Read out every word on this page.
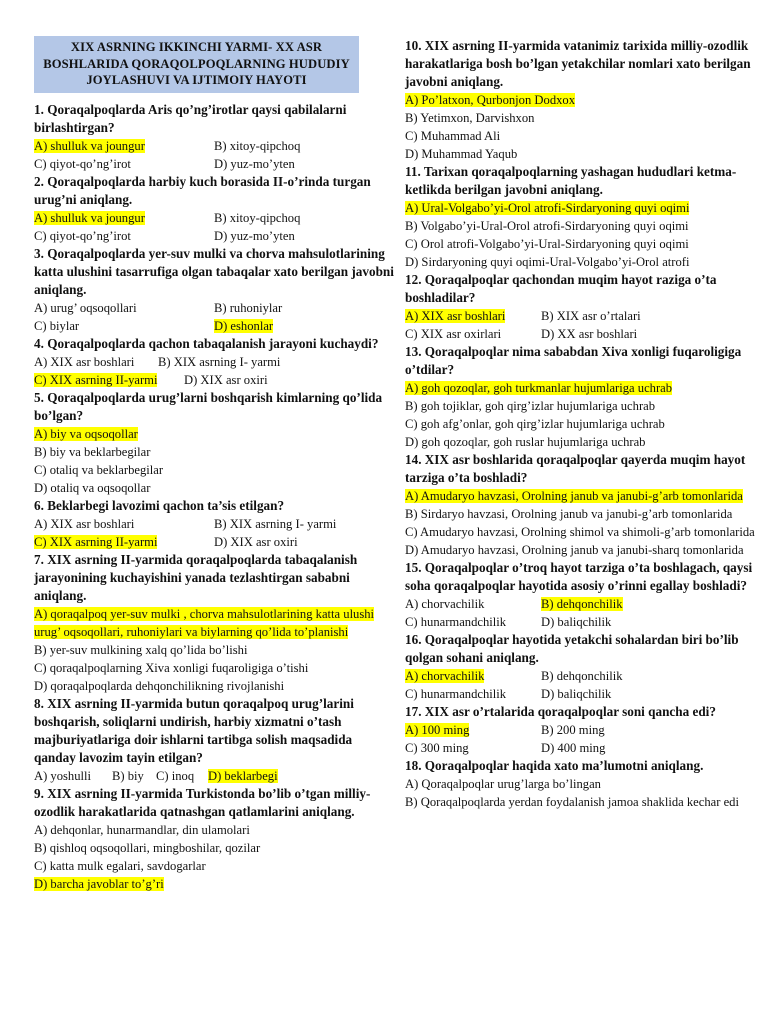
XIX ASRNING IKKINCHI YARMI- XX ASR BOSHLARIDA QORAQOLPOQLARNING HUDUDIY JOYLASHUVI VA IJTIMOIY HAYOTI
1. Qoraqalpoqlarda Aris qo’ng’irotlar qaysi qabilalarni birlashtirgan?
A) shulluk va joungur	B) xitoy-qipchoq
C) qiyot-qo’ng’irot	D) yuz-mo’yten
2. Qoraqalpoqlarda harbiy kuch borasida II-o’rinda turgan urug’ni aniqlang.
A) shulluk va joungur	B) xitoy-qipchoq
C) qiyot-qo’ng’irot	D) yuz-mo’yten
3. Qoraqalpoqlarda yer-suv mulki va chorva mahsulotlarining katta ulushini tasarrufiga olgan tabaqalar xato berilgan javobni aniqlang.
A) urug’ oqsoqollari	B) ruhoniylar
C) biylar	D) eshonlar
4. Qoraqalpoqlarda qachon tabaqalanish jarayoni kuchaydi?
A) XIX asr boshlari	B) XIX asrning I- yarmi
C) XIX asrning II-yarmi	D) XIX asr oxiri
5. Qoraqalpoqlarda urug’larni boshqarish kimlarning qo’lida bo’lgan?
A) biy va oqsoqollar
B) biy va beklarbegilar
C) otaliq va beklarbegilar
D) otaliq va oqsoqollar
6. Beklarbegi lavozimi qachon ta’sis etilgan?
A) XIX asr boshlari	B) XIX asrning I- yarmi
C) XIX asrning II-yarmi	D) XIX asr oxiri
7. XIX asrning II-yarmida qoraqalpoqlarda tabaqalanish jarayonining kuchayishini yanada tezlashtirgan sababni aniqlang.
A) qoraqalpoq yer-suv mulki , chorva mahsulotlarining katta ulushi urug’ oqsoqollari, ruhoniylari va biylarning qo’lida to’planishi
B) yer-suv mulkining xalq qo’lida bo’lishi
C) qoraqalpoqlarning Xiva xonligi fuqaroligiga o’tishi
D) qoraqalpoqlarda dehqonchilikning rivojlanishi
8. XIX asrning II-yarmida butun qoraqalpoq urug’larini boshqarish, soliqlarni undirish, harbiy xizmatni o’tash majburiyatlariga doir ishlarni tartibga solish maqsadida qanday lavozim tayin etilgan?
A) yoshulli	B) biy C) inoq	D) beklarbegi
9. XIX asrning II-yarmida Turkistonda bo’lib o’tgan milliy-ozodlik harakatlarida qatnashgan qatlamlarini aniqlang.
A) dehqonlar, hunarmandlar, din ulamolari
B) qishloq oqsoqollari, mingboshilar, qozilar
C) katta mulk egalari, savdogarlar
D) barcha javoblar to’g’ri
10. XIX asrning II-yarmida vatanimiz tarixida milliy-ozodlik harakatlariga bosh bo’lgan yetakchilar nomlari xato berilgan javobni aniqlang.
A) Po’latxon, Qurbonjon Dodxox
B) Yetimxon, Darvishxon
C) Muhammad Ali
D) Muhammad Yaqub
11. Tarixan qoraqalpoqlarning yashagan hududlari ketma-ketlikda berilgan javobni aniqlang.
A) Ural-Volgabo’yi-Orol atrofi-Sirdaryoning quyi oqimi
B) Volgabo’yi-Ural-Orol atrofi-Sirdaryoning quyi oqimi
C) Orol atrofi-Volgabo’yi-Ural-Sirdaryoning quyi oqimi
D) Sirdaryoning quyi oqimi-Ural-Volgabo’yi-Orol atrofi
12. Qoraqalpoqlar qachondan muqim hayot raziga o’ta boshladilar?
A) XIX asr boshlari	B) XIX asr o’rtalari
C) XIX asr oxirlari	D) XX asr boshlari
13. Qoraqalpoqlar nima sababdan Xiva xonligi fuqaroligiga o’tdilar?
A) goh qozoqlar, goh turkmanlar hujumlariga uchrab
B) goh tojiklar, goh qirg’izlar hujumlariga uchrab
C) goh afg’onlar, goh qirg’izlar hujumlariga uchrab
D) goh qozoqlar, goh ruslar hujumlariga uchrab
14. XIX asr boshlarida qoraqalpoqlar qayerda muqim hayot tarziga o’ta boshladi?
A) Amudaryo havzasi, Orolning janub va janubi-g’arb tomonlarida
B) Sirdaryo havzasi, Orolning janub va janubi-g’arb tomonlarida
C) Amudaryo havzasi, Orolning shimol va shimoli-g’arb tomonlarida
D) Amudaryo havzasi, Orolning janub va janubi-sharq tomonlarida
15. Qoraqalpoqlar o’troq hayot tarziga o’ta boshlagach, qaysi soha qoraqalpoqlar hayotida asosiy o’rinni egallay boshladi?
A) chorvachilik	B) dehqonchilik
C) hunarmandchilik	D) baliqchilik
16. Qoraqalpoqlar hayotida yetakchi sohalardan biri bo’lib qolgan sohani aniqlang.
A) chorvachilik	B) dehqonchilik
C) hunarmandchilik	D) baliqchilik
17. XIX asr o’rtalarida qoraqalpoqlar soni qancha edi?
A) 100 ming	B) 200 ming
C) 300 ming	D) 400 ming
18. Qoraqalpoqlar haqida xato ma’lumotni aniqlang.
A) Qoraqalpoqlar urug’larga bo’lingan
B) Qoraqalpoqlarda yerdan foydalanish jamoa shaklida kechar edi
